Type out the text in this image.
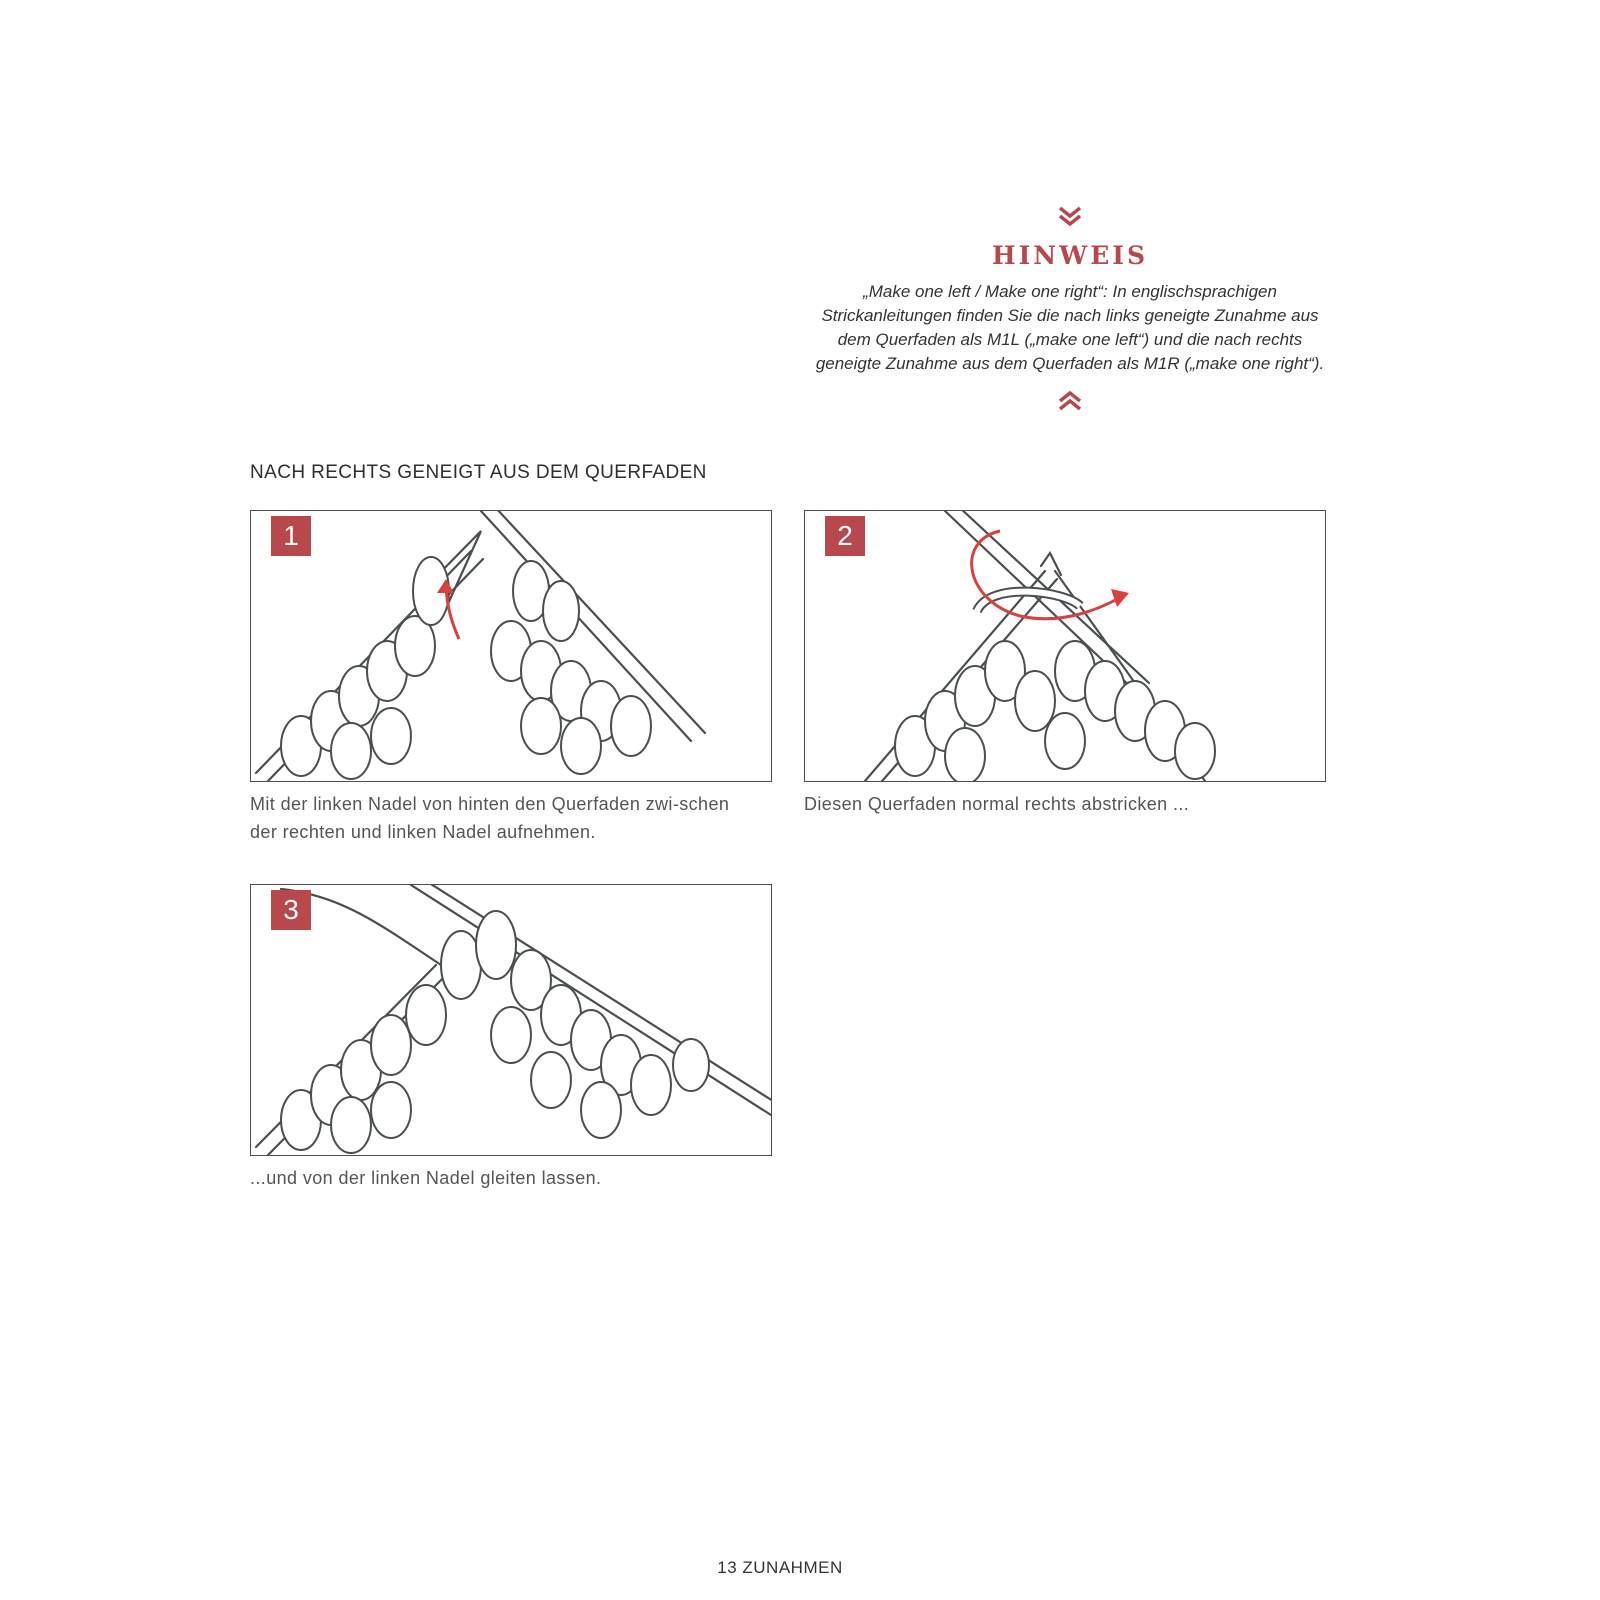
HINWEIS
„Make one left / Make one right“: In englischsprachigen Strickanleitungen finden Sie die nach links geneigte Zunahme aus dem Querfaden als M1L („make one left“) und die nach rechts geneigte Zunahme aus dem Querfaden als M1R („make one right“).
NACH RECHTS GENEIGT AUS DEM QUERFADEN
1
Mit der linken Nadel von hinten den Querfaden zwi-schen der rechten und linken Nadel aufnehmen.
2
Diesen Querfaden normal rechts abstricken ...
3
...und von der linken Nadel gleiten lassen.
13 ZUNAHMEN
